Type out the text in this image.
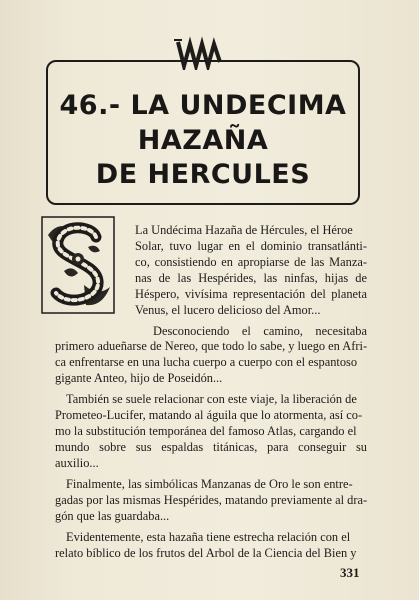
46.- LA UNDECIMA
HAZAÑA
DE HERCULES
La Undécima Hazaña de Hércules, el Héroe
Solar, tuvo lugar en el dominio transatlánti-
co, consistiendo en apropiarse de las Manza-
nas de las Hespérides, las ninfas, hijas de
Héspero, vivísima representación del planeta
Venus, el lucero delicioso del Amor...
Desconociendo el camino, necesitaba
primero adueñarse de Nereo, que todo lo sabe, y luego en Afri-
ca enfrentarse en una lucha cuerpo a cuerpo con el espantoso
gigante Anteo, hijo de Poseidón...
También se suele relacionar con este viaje, la liberación de
Prometeo-Lucifer, matando al águila que lo atormenta, así co-
mo la substitución temporánea del famoso Atlas, cargando el
mundo sobre sus espaldas titánicas, para conseguir su
auxilio...
Finalmente, las simbólicas Manzanas de Oro le son entre-
gadas por las mismas Hespérides, matando previamente al dra-
gón que las guardaba...
Evidentemente, esta hazaña tiene estrecha relación con el
relato bíblico de los frutos del Arbol de la Ciencia del Bien y
331
